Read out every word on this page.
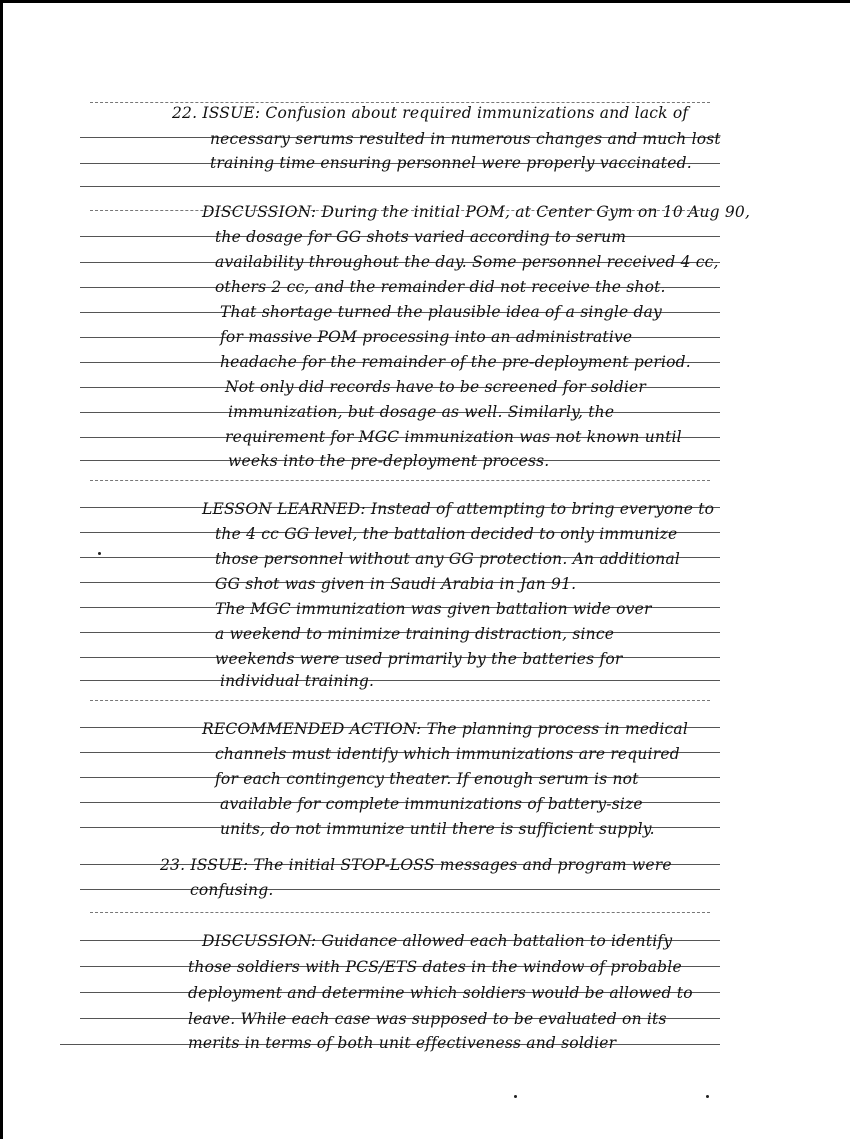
22. ISSUE: Confusion about required immunizations and lack of
necessary serums resulted in numerous changes and much lost
training time ensuring personnel were properly vaccinated.
DISCUSSION: During the initial POM, at Center Gym on 10 Aug 90,
the dosage for GG shots varied according to serum
availability throughout the day. Some personnel received 4 cc,
others 2 cc, and the remainder did not receive the shot.
That shortage turned the plausible idea of a single day
for massive POM processing into an administrative
headache for the remainder of the pre-deployment period.
Not only did records have to be screened for soldier
immunization, but dosage as well. Similarly, the
requirement for MGC immunization was not known until
weeks into the pre-deployment process.
LESSON LEARNED: Instead of attempting to bring everyone to
the 4 cc GG level, the battalion decided to only immunize
those personnel without any GG protection. An additional
GG shot was given in Saudi Arabia in Jan 91.
The MGC immunization was given battalion wide over
a weekend to minimize training distraction, since
weekends were used primarily by the batteries for
individual training.
RECOMMENDED ACTION: The planning process in medical
channels must identify which immunizations are required
for each contingency theater. If enough serum is not
available for complete immunizations of battery-size
units, do not immunize until there is sufficient supply.
23. ISSUE: The initial STOP-LOSS messages and program were
confusing.
DISCUSSION: Guidance allowed each battalion to identify
those soldiers with PCS/ETS dates in the window of probable
deployment and determine which soldiers would be allowed to
leave. While each case was supposed to be evaluated on its
merits in terms of both unit effectiveness and soldier
